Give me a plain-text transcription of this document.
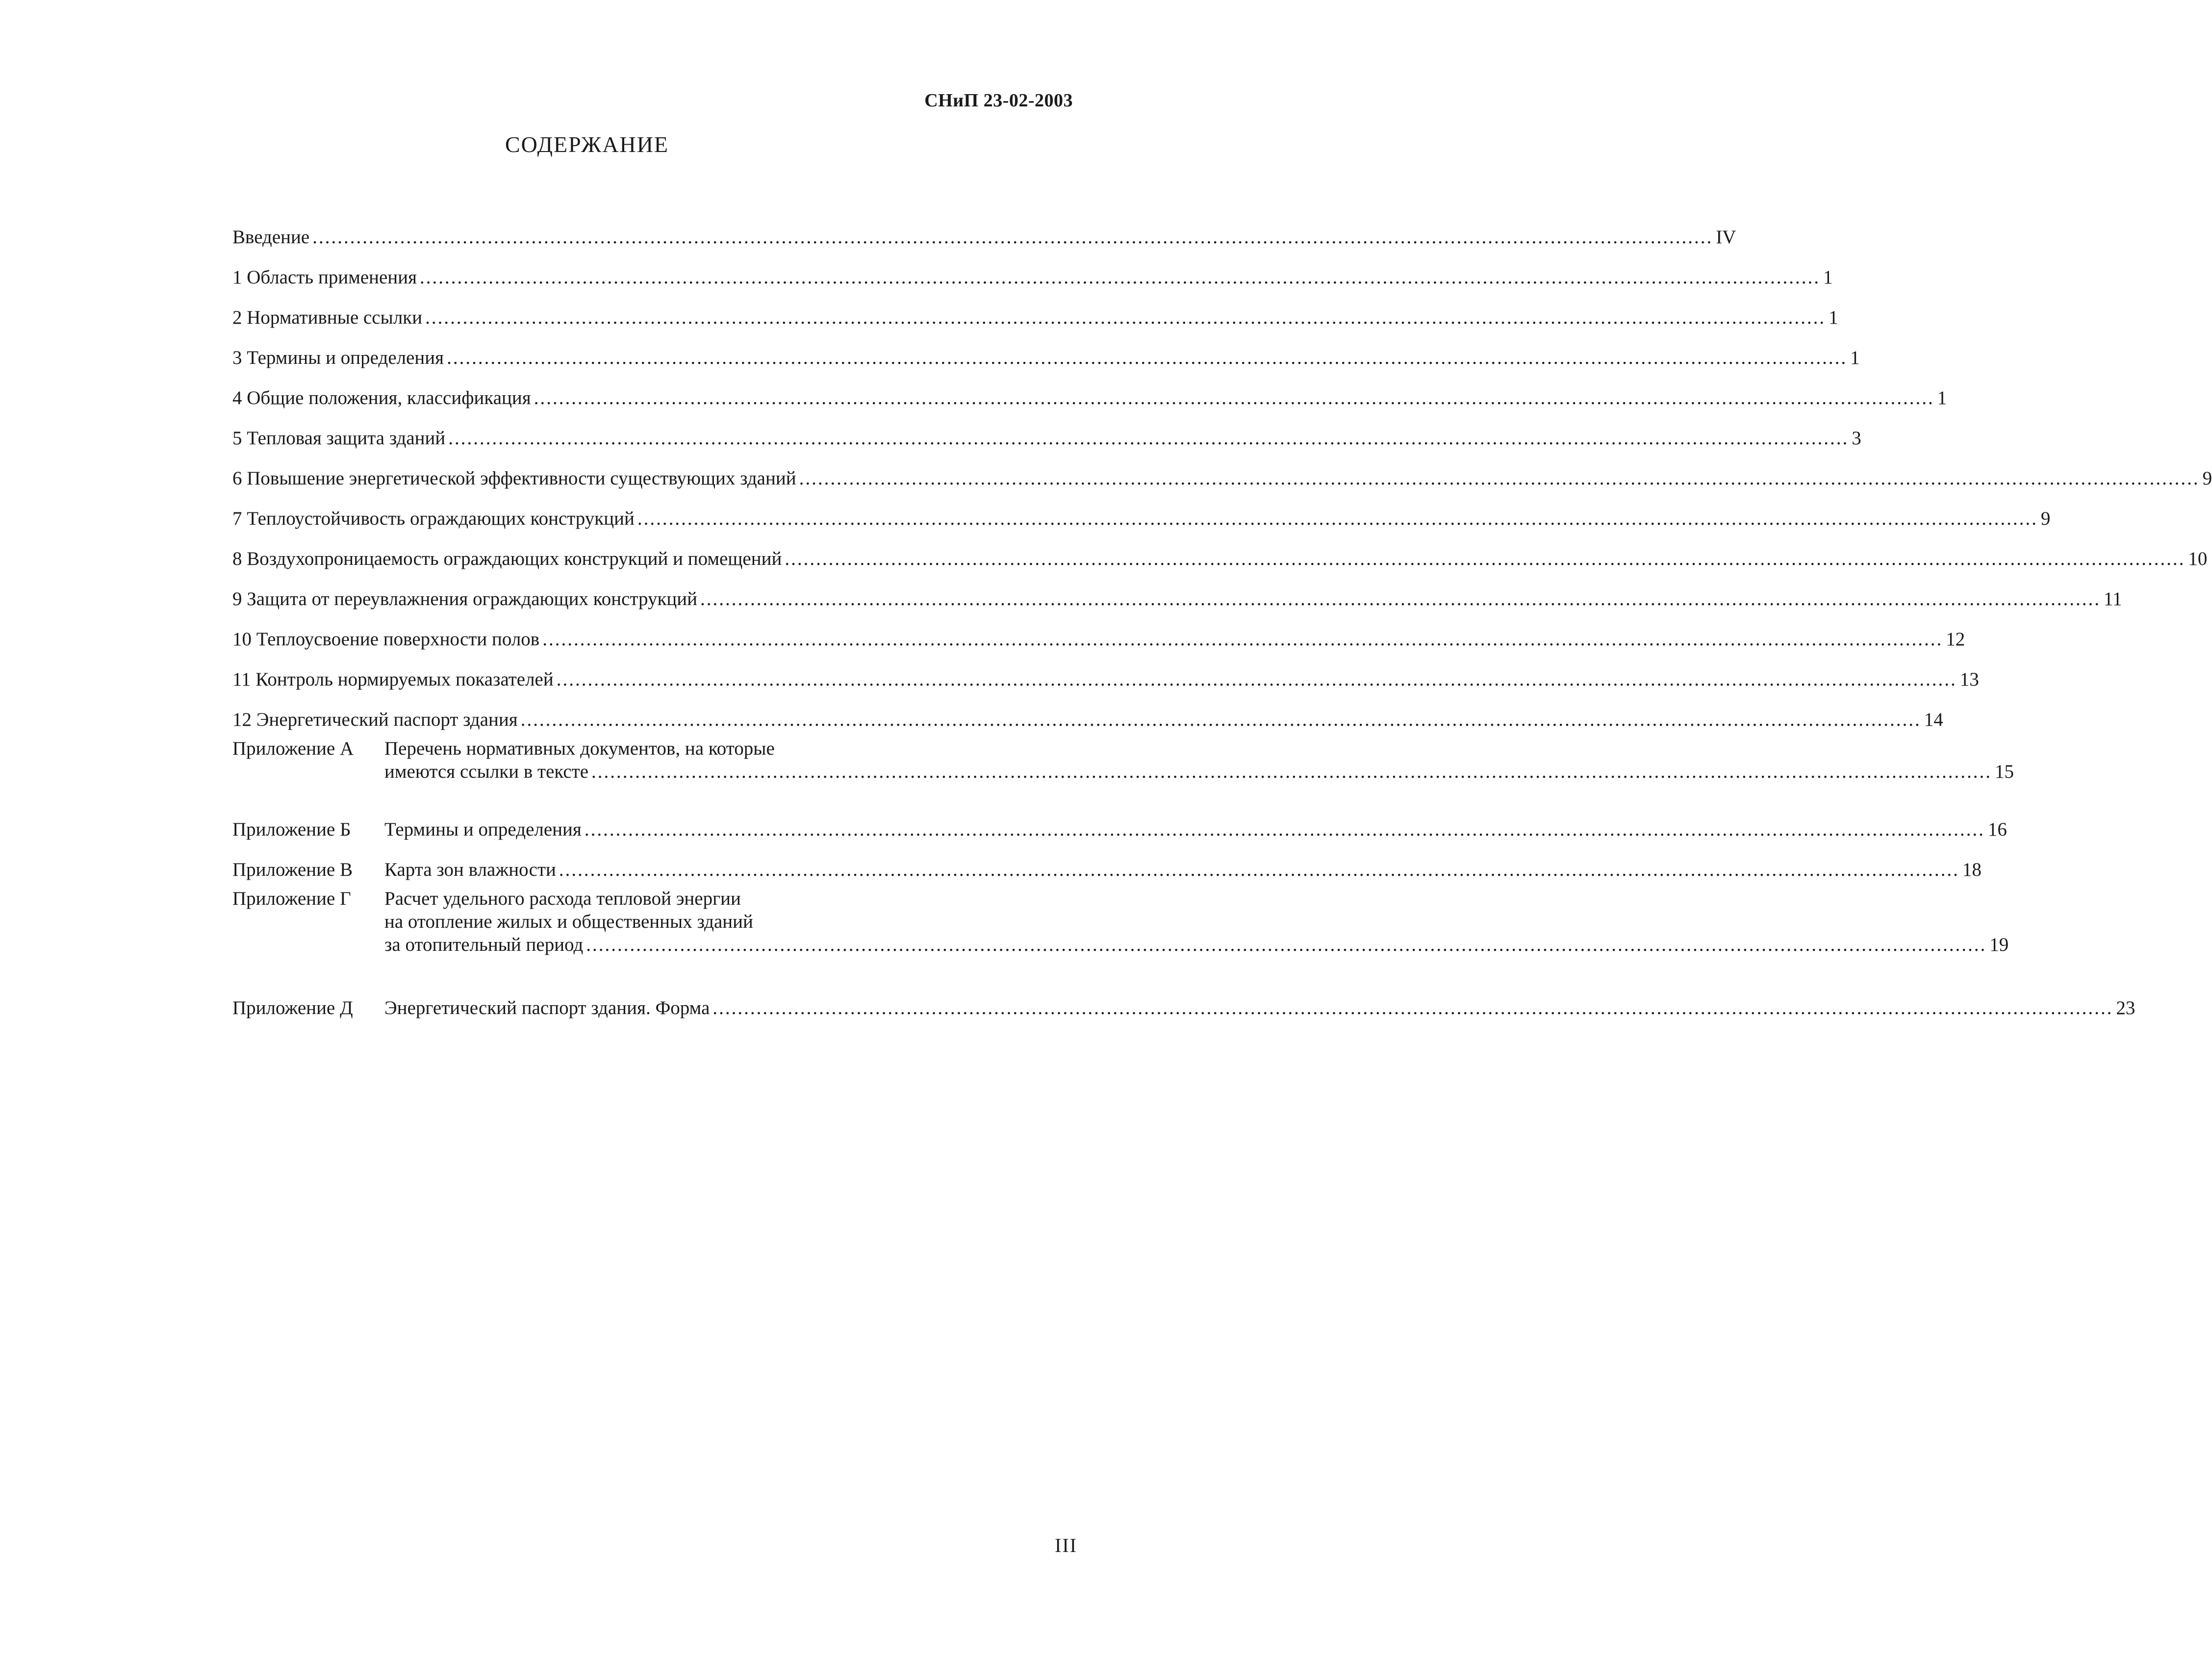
СНиП 23-02-2003
СОДЕРЖАНИЕ
Введение .....	IV
1 Область применения .....	1
2 Нормативные ссылки .....	1
3 Термины и определения .....	1
4 Общие положения, классификация .....	1
5 Тепловая защита зданий .....	3
6 Повышение энергетической эффективности существующих зданий .....	9
7 Теплоустойчивость ограждающих конструкций .....	9
8 Воздухопроницаемость ограждающих конструкций и помещений .....	10
9 Защита от переувлажнения ограждающих конструкций .....	11
10 Теплоусвоение поверхности полов .....	12
11 Контроль нормируемых показателей .....	13
12 Энергетический паспорт здания .....	14
Приложение А	Перечень нормативных документов, на которые
имеются ссылки в тексте .....	15
Приложение Б	Термины и определения .....	16
Приложение В	Карта зон влажности .....	18
Приложение Г	Расчет удельного расхода тепловой энергии
на отопление жилых и общественных зданий
за отопительный период .....	19
Приложение Д	Энергетический паспорт здания. Форма .....	23
III
